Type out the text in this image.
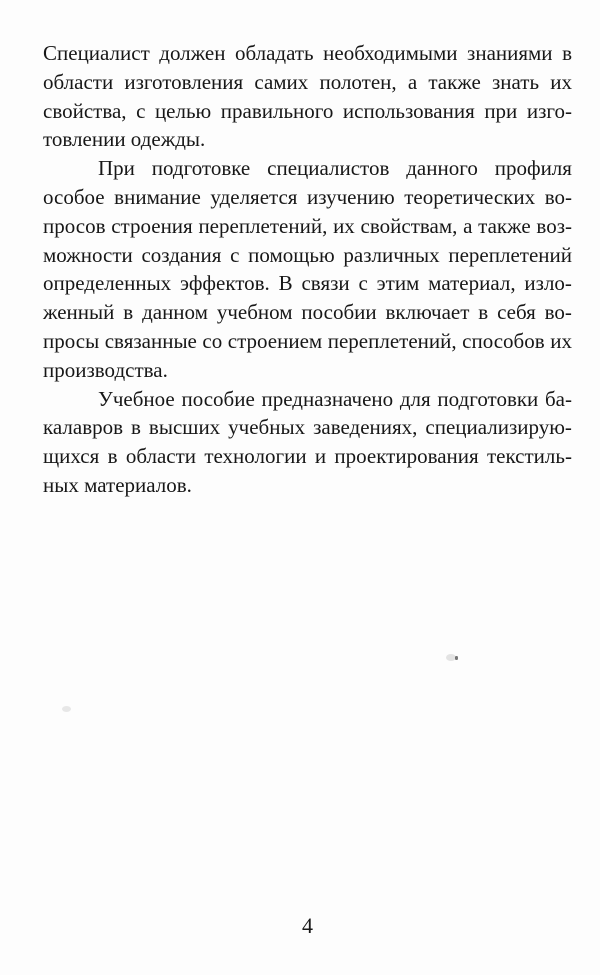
Специалист должен обладать необходимыми знаниями в
области изготовления самих полотен, а также знать их
свойства, с целью правильного использования при изго-
товлении одежды.
При подготовке специалистов данного профиля
особое внимание уделяется изучению теоретических во-
просов строения переплетений, их свойствам, а также воз-
можности создания с помощью различных переплетений
определенных эффектов. В связи с этим материал, изло-
женный в данном учебном пособии включает в себя во-
просы связанные со строением переплетений, способов их
производства.
Учебное пособие предназначено для подготовки ба-
калавров в высших учебных заведениях, специализирую-
щихся в области технологии и проектирования текстиль-
ных материалов.
4
